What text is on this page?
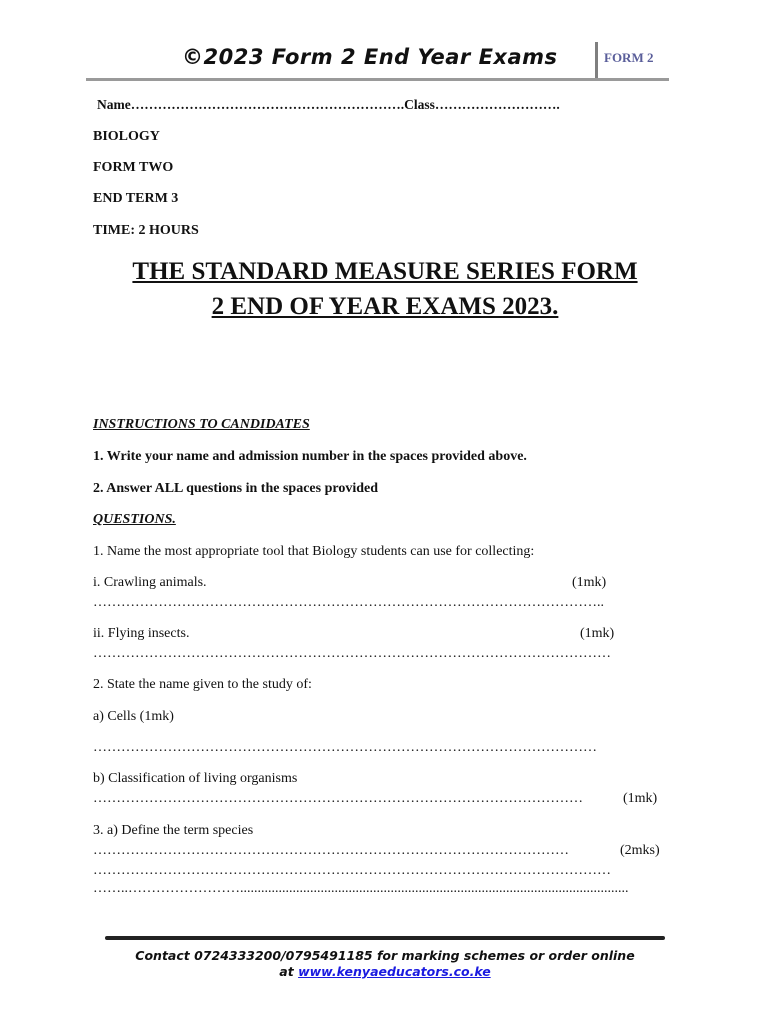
©2023 Form 2 End Year Exams	FORM 2
Name…………………………………………………….Class……………………….
BIOLOGY
FORM TWO
END TERM 3
TIME: 2 HOURS
THE STANDARD MEASURE SERIES FORM
2 END OF YEAR EXAMS 2023.
INSTRUCTIONS TO CANDIDATES
1. Write your name and admission number in the spaces provided above.
2. Answer ALL questions in the spaces provided
QUESTIONS.
1. Name the most appropriate tool that Biology students can use for collecting:
i. Crawling animals.	(1mk)
………………………………………………………………………………………………..
ii. Flying insects.	(1mk)
…………………………………………………………………………………………………
2. State the name given to the study of:
a) Cells (1mk)
………………………………………………………………………………………………
b) Classification of living organisms
……………………………………………………………………………………………	(1mk)
3. a) Define the term species
…………………………………………………………………………………………	(2mks)
…………………………………………………………………………………………………
……..……………………...............................................................................................................
Contact 0724333200/0795491185 for marking schemes or order online
at www.kenyaeducators.co.ke
